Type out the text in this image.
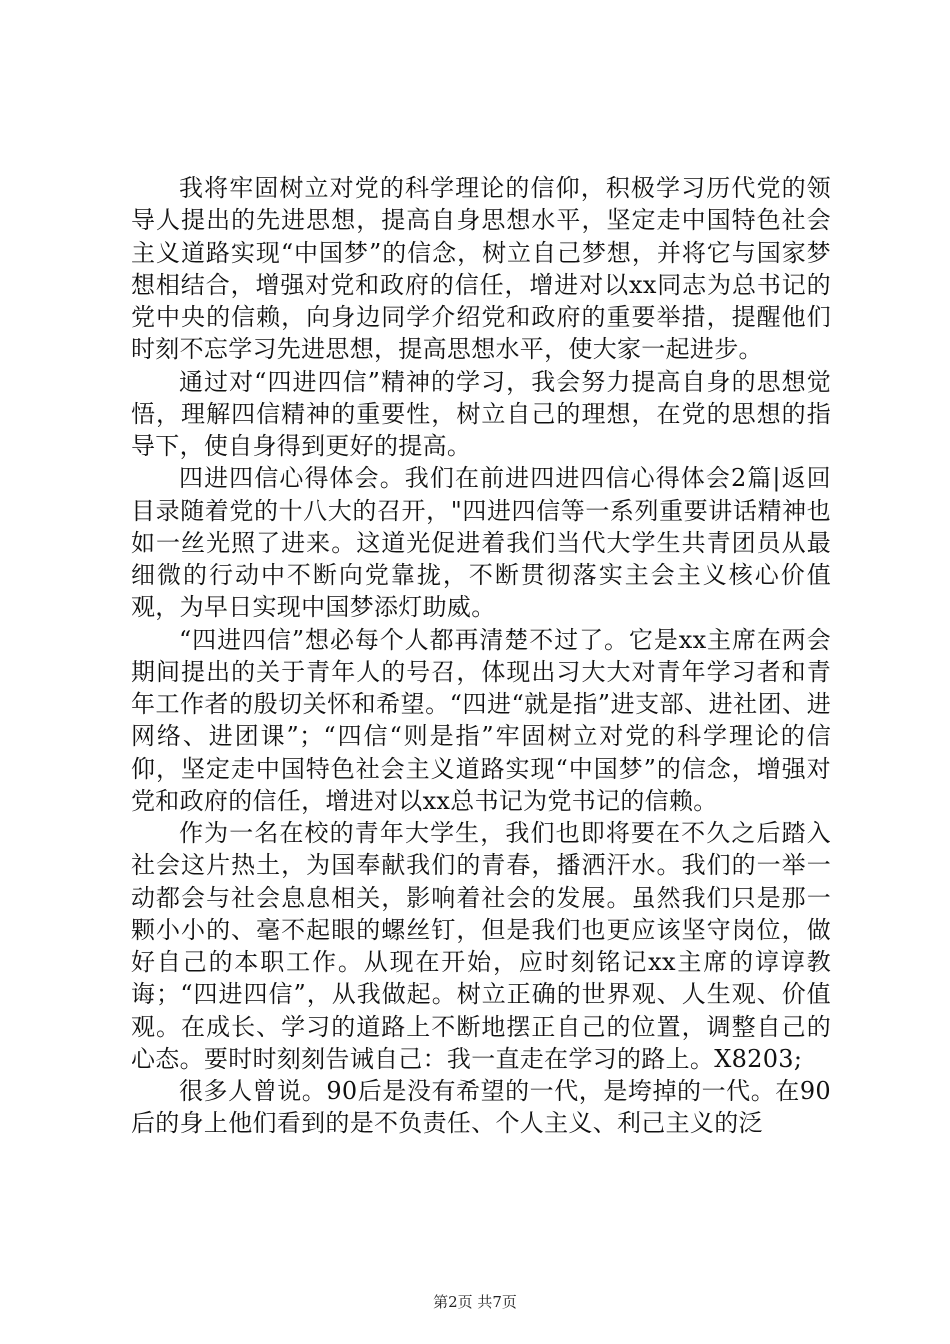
我将牢固树立对党的科学理论的信仰，积极学习历代党的领导人提出的先进思想，提高自身思想水平，坚定走中国特色社会主义道路实现“中国梦”的信念，树立自己梦想，并将它与国家梦想相结合，增强对党和政府的信任，增进对以xx同志为总书记的党中央的信赖，向身边同学介绍党和政府的重要举措，提醒他们时刻不忘学习先进思想，提高思想水平，使大家一起进步。

通过对“四进四信”精神的学习，我会努力提高自身的思想觉悟，理解四信精神的重要性，树立自己的理想，在党的思想的指导下，使自身得到更好的提高。

四进四信心得体会。我们在前进四进四信心得体会2篇|返回目录随着党的十八大的召开，"四进四信等一系列重要讲话精神也如一丝光照了进来。这道光促进着我们当代大学生共青团员从最细微的行动中不断向党靠拢，不断贯彻落实主会主义核心价值观，为早日实现中国梦添灯助威。

“四进四信”想必每个人都再清楚不过了。它是xx主席在两会期间提出的关于青年人的号召，体现出习大大对青年学习者和青年工作者的殷切关怀和希望。“四进“就是指”进支部、进社团、进网络、进团课”；“四信“则是指”牢固树立对党的科学理论的信仰，坚定走中国特色社会主义道路实现“中国梦”的信念，增强对党和政府的信任，增进对以xx总书记为党书记的信赖。

作为一名在校的青年大学生，我们也即将要在不久之后踏入社会这片热土，为国奉献我们的青春，播洒汗水。我们的一举一动都会与社会息息相关，影响着社会的发展。虽然我们只是那一颗小小的、毫不起眼的螺丝钉，但是我们也更应该坚守岗位，做好自己的本职工作。从现在开始，应时刻铭记xx主席的谆谆教诲；“四进四信”，从我做起。树立正确的世界观、人生观、价值观。在成长、学习的道路上不断地摆正自己的位置，调整自己的心态。要时时刻刻告诫自己：我一直走在学习的路上。X8203;

很多人曾说。90后是没有希望的一代，是垮掉的一代。在90后的身上他们看到的是不负责任、个人主义、利己主义的泛

第2页 共7页
